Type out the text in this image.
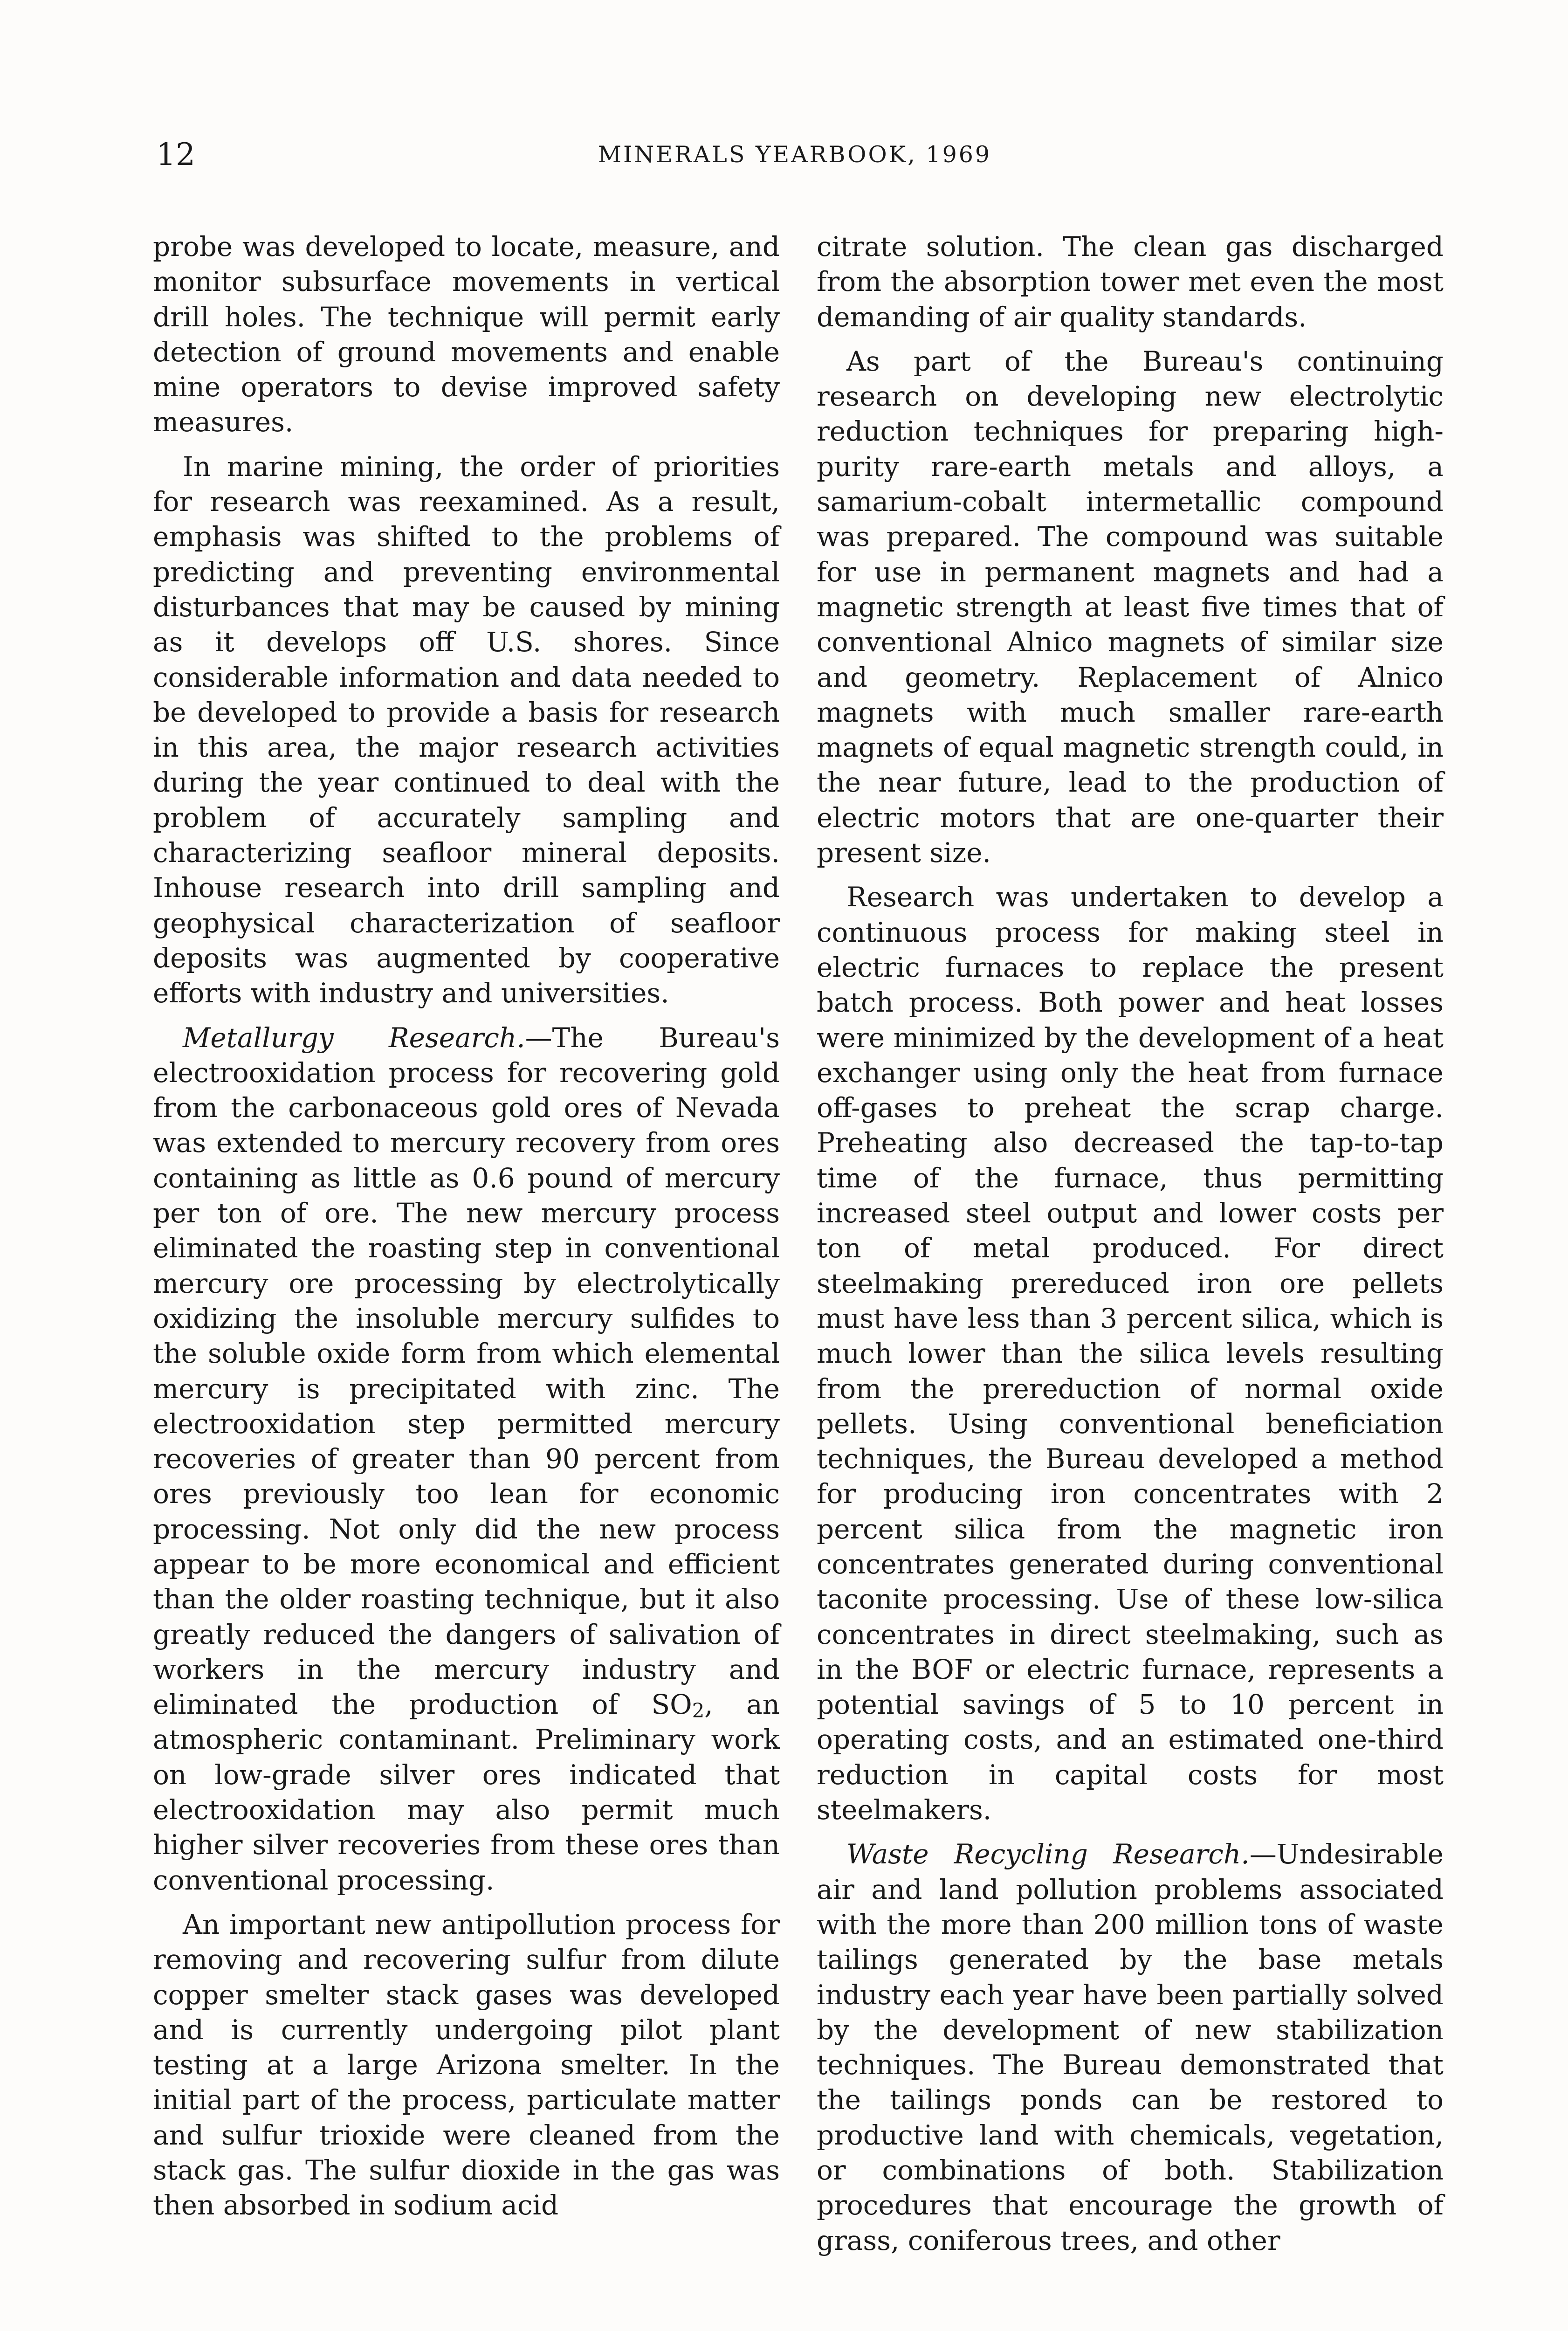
12	MINERALS YEARBOOK, 1969

probe was developed to locate, measure, and monitor subsurface movements in vertical drill holes. The technique will permit early detection of ground movements and enable mine operators to devise improved safety measures.

In marine mining, the order of priorities for research was reexamined. As a result, emphasis was shifted to the problems of predicting and preventing environmental disturbances that may be caused by mining as it develops off U.S. shores. Since considerable information and data needed to be developed to provide a basis for research in this area, the major research activities during the year continued to deal with the problem of accurately sampling and characterizing seafloor mineral deposits. Inhouse research into drill sampling and geophysical characterization of seafloor deposits was augmented by cooperative efforts with industry and universities.

Metallurgy Research.—The Bureau's electrooxidation process for recovering gold from the carbonaceous gold ores of Nevada was extended to mercury recovery from ores containing as little as 0.6 pound of mercury per ton of ore. The new mercury process eliminated the roasting step in conventional mercury ore processing by electrolytically oxidizing the insoluble mercury sulfides to the soluble oxide form from which elemental mercury is precipitated with zinc. The electrooxidation step permitted mercury recoveries of greater than 90 percent from ores previously too lean for economic processing. Not only did the new process appear to be more economical and efficient than the older roasting technique, but it also greatly reduced the dangers of salivation of workers in the mercury industry and eliminated the production of $SO_2$, an atmospheric contaminant. Preliminary work on low-grade silver ores indicated that electrooxidation may also permit much higher silver recoveries from these ores than conventional processing.

An important new antipollution process for removing and recovering sulfur from dilute copper smelter stack gases was developed and is currently undergoing pilot plant testing at a large Arizona smelter. In the initial part of the process, particulate matter and sulfur trioxide were cleaned from the stack gas. The sulfur dioxide in the gas was then absorbed in sodium acid

citrate solution. The clean gas discharged from the absorption tower met even the most demanding of air quality standards.

As part of the Bureau's continuing research on developing new electrolytic reduction techniques for preparing high-purity rare-earth metals and alloys, a samarium-cobalt intermetallic compound was prepared. The compound was suitable for use in permanent magnets and had a magnetic strength at least five times that of conventional Alnico magnets of similar size and geometry. Replacement of Alnico magnets with much smaller rare-earth magnets of equal magnetic strength could, in the near future, lead to the production of electric motors that are one-quarter their present size.

Research was undertaken to develop a continuous process for making steel in electric furnaces to replace the present batch process. Both power and heat losses were minimized by the development of a heat exchanger using only the heat from furnace off-gases to preheat the scrap charge. Preheating also decreased the tap-to-tap time of the furnace, thus permitting increased steel output and lower costs per ton of metal produced. For direct steelmaking prereduced iron ore pellets must have less than 3 percent silica, which is much lower than the silica levels resulting from the prereduction of normal oxide pellets. Using conventional beneficiation techniques, the Bureau developed a method for producing iron concentrates with 2 percent silica from the magnetic iron concentrates generated during conventional taconite processing. Use of these low-silica concentrates in direct steelmaking, such as in the BOF or electric furnace, represents a potential savings of 5 to 10 percent in operating costs, and an estimated one-third reduction in capital costs for most steelmakers.

Waste Recycling Research.—Undesirable air and land pollution problems associated with the more than 200 million tons of waste tailings generated by the base metals industry each year have been partially solved by the development of new stabilization techniques. The Bureau demonstrated that the tailings ponds can be restored to productive land with chemicals, vegetation, or combinations of both. Stabilization procedures that encourage the growth of grass, coniferous trees, and other
